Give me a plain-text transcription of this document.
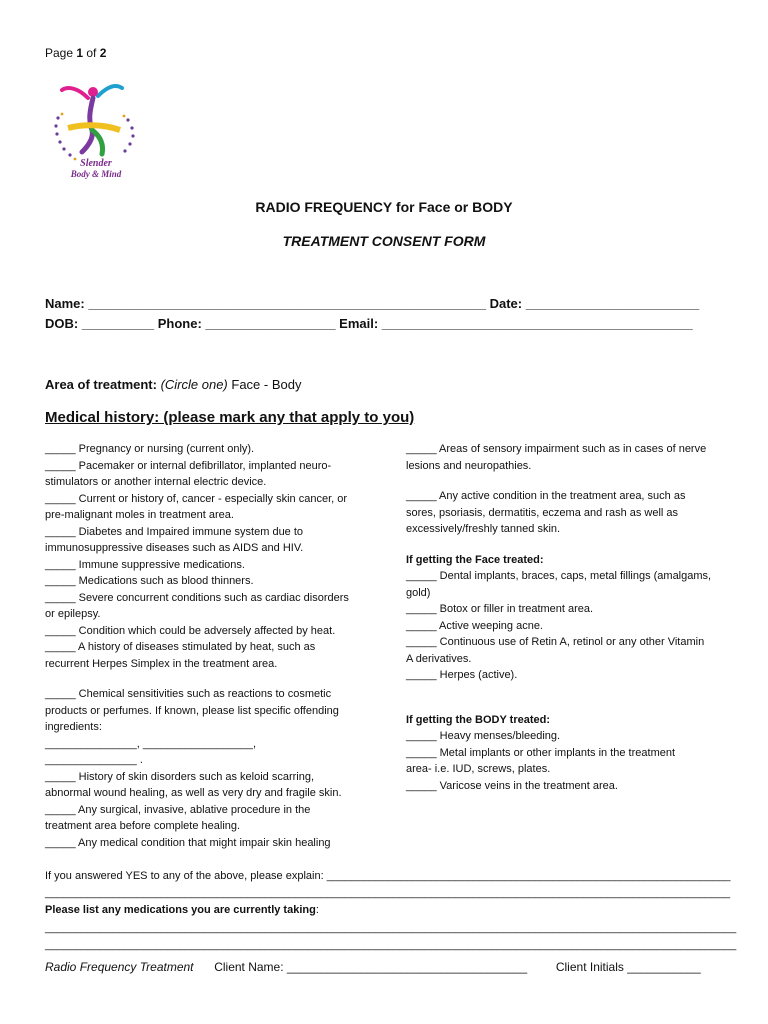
Page 1 of 2
Slender
Body & Mind
RADIO FREQUENCY for Face or BODY
TREATMENT CONSENT FORM
Name: _______________________________________________________ Date: ________________________
DOB: __________ Phone: __________________ Email: ___________________________________________
Area of treatment: (Circle one) Face - Body
Medical history: (please mark any that apply to you)
_____ Pregnancy or nursing (current only).
_____ Pacemaker or internal defibrillator, implanted neuro-
stimulators or another internal electric device.
_____ Current or history of, cancer - especially skin cancer, or
pre-malignant moles in treatment area.
_____ Diabetes and Impaired immune system due to
immunosuppressive diseases such as AIDS and HIV.
_____ Immune suppressive medications.
_____ Medications such as blood thinners.
_____ Severe concurrent conditions such as cardiac disorders
or epilepsy.
_____ Condition which could be adversely affected by heat.
_____ A history of diseases stimulated by heat, such as
recurrent Herpes Simplex in the treatment area.
_____ Chemical sensitivities such as reactions to cosmetic
products or perfumes. If known, please list specific offending
ingredients:
_______________, __________________,
_______________ .
_____ History of skin disorders such as keloid scarring,
abnormal wound healing, as well as very dry and fragile skin.
_____ Any surgical, invasive, ablative procedure in the
treatment area before complete healing.
_____ Any medical condition that might impair skin healing
_____ Areas of sensory impairment such as in cases of nerve
lesions and neuropathies.
_____ Any active condition in the treatment area, such as
sores, psoriasis, dermatitis, eczema and rash as well as
excessively/freshly tanned skin.
If getting the Face treated:
_____ Dental implants, braces, caps, metal fillings (amalgams,
gold)
_____ Botox or filler in treatment area.
_____ Active weeping acne.
_____ Continuous use of Retin A, retinol or any other Vitamin
A derivatives.
_____ Herpes (active).
If getting the BODY treated:
_____ Heavy menses/bleeding.
_____ Metal implants or other implants in the treatment
area- i.e. IUD, screws, plates.
_____ Varicose veins in the treatment area.
If you answered YES to any of the above, please explain: __________________________________________________________________
________________________________________________________________________________________________________________
Please list any medications you are currently taking:
_________________________________________________________________________________________________________________
_________________________________________________________________________________________________________________
Radio Frequency Treatment Client Name: ____________________________________ Client Initials ___________
